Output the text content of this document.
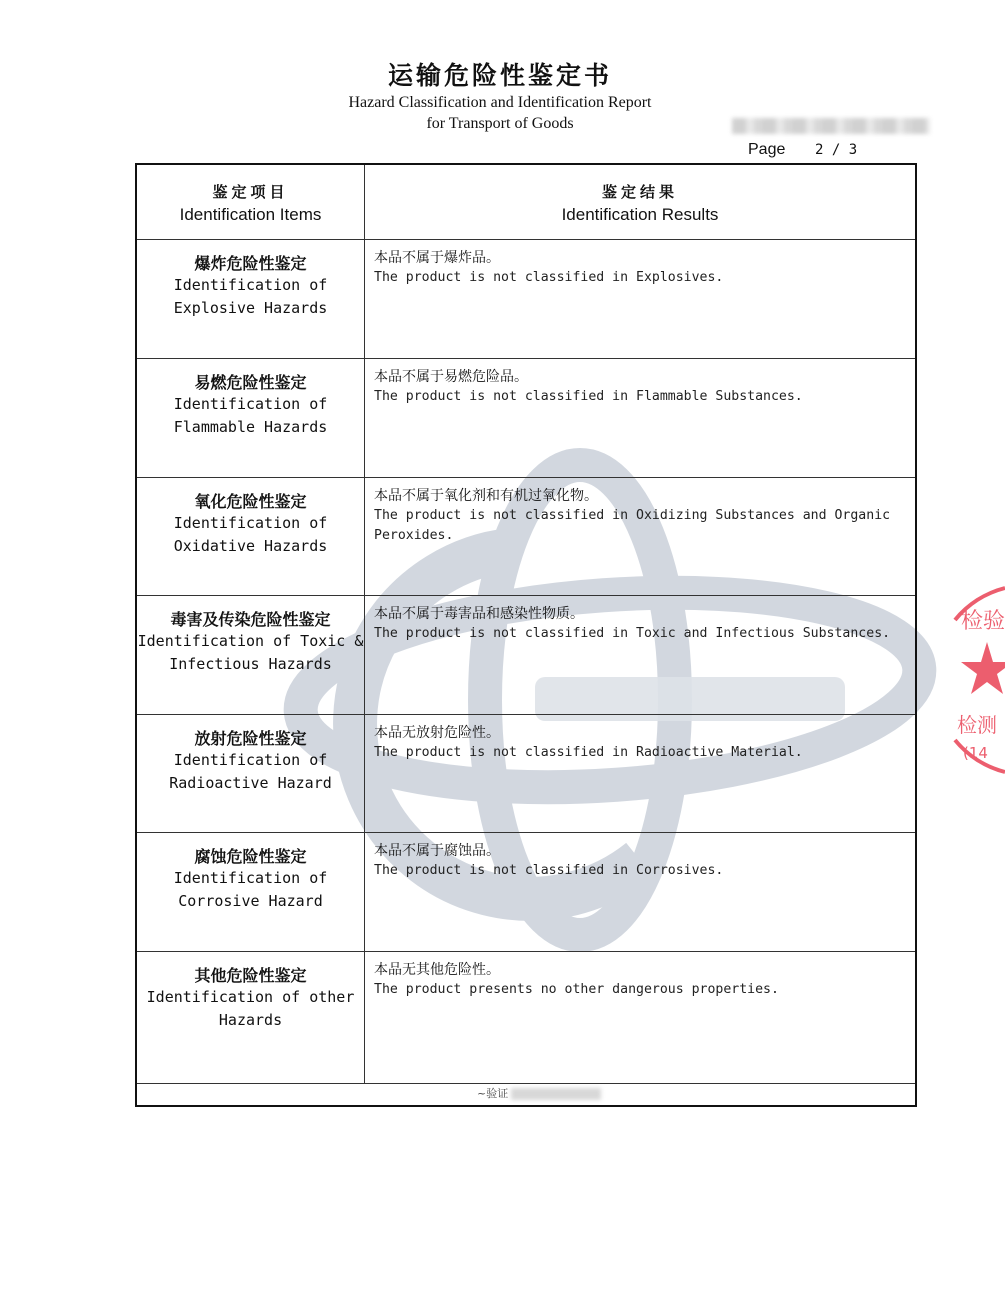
运输危险性鉴定书
Hazard Classification and Identification Report
for Transport of Goods
Page 2 / 3
鉴定项目
Identification Items
鉴定结果
Identification Results
爆炸危险性鉴定
Identification of
Explosive Hazards
本品不属于爆炸品。
The product is not classified in Explosives.
易燃危险性鉴定
Identification of
Flammable Hazards
本品不属于易燃危险品。
The product is not classified in Flammable Substances.
氧化危险性鉴定
Identification of
Oxidative Hazards
本品不属于氧化剂和有机过氧化物。
The product is not classified in Oxidizing Substances and Organic Peroxides.
毒害及传染危险性鉴定
Identification of Toxic &
Infectious Hazards
本品不属于毒害品和感染性物质。
The product is not classified in Toxic and Infectious Substances.
放射危险性鉴定
Identification of
Radioactive Hazard
本品无放射危险性。
The product is not classified in Radioactive Material.
腐蚀危险性鉴定
Identification of
Corrosive Hazard
本品不属于腐蚀品。
The product is not classified in Corrosives.
其他危险性鉴定
Identification of other
Hazards
本品无其他危险性。
The product presents no other dangerous properties.
~验证
检验
检测
(14
